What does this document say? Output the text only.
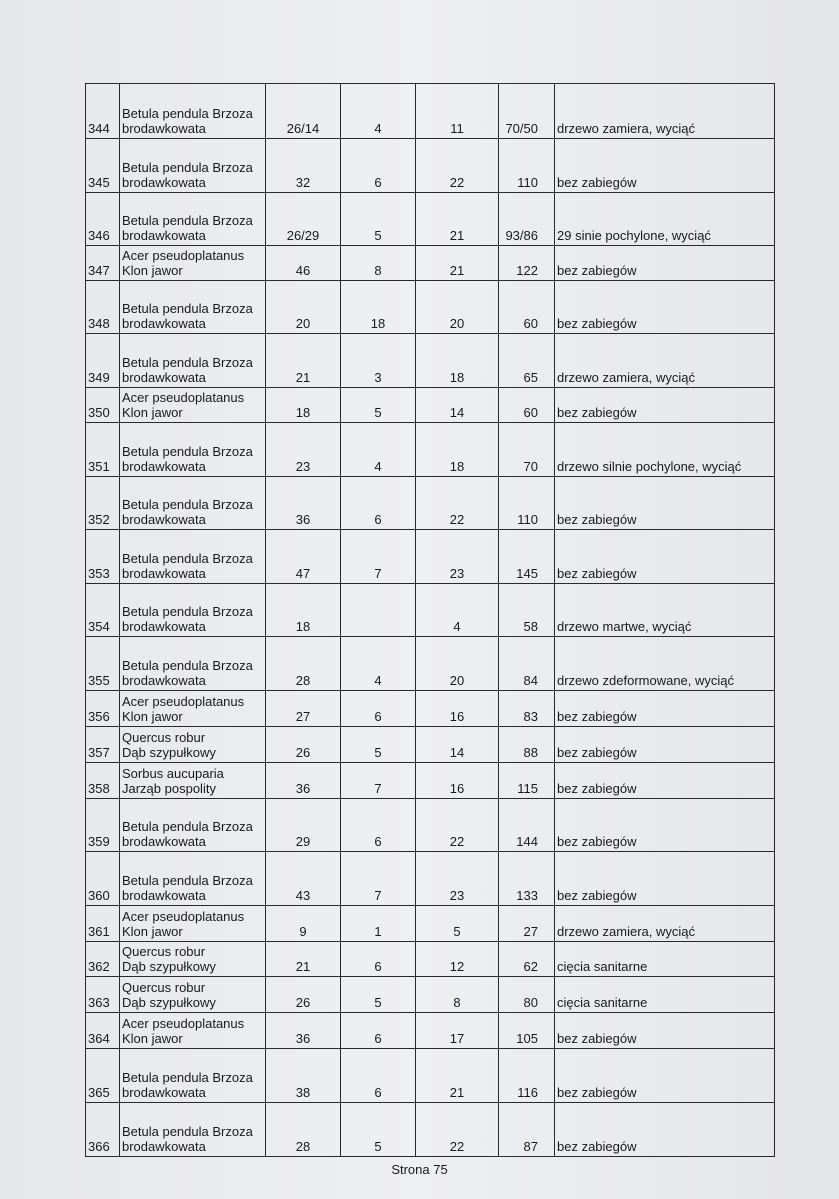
344	Betula pendula Brzoza
brodawkowata	26/14	4	11	70/50	drzewo zamiera, wyciąć
345	Betula pendula Brzoza
brodawkowata	32	6	22	110	bez zabiegów
346	Betula pendula Brzoza
brodawkowata	26/29	5	21	93/86	29 sinie pochylone, wyciąć
347	Acer pseudoplatanus
Klon jawor	46	8	21	122	bez zabiegów
348	Betula pendula Brzoza
brodawkowata	20	18	20	60	bez zabiegów
349	Betula pendula Brzoza
brodawkowata	21	3	18	65	drzewo zamiera, wyciąć
350	Acer pseudoplatanus
Klon jawor	18	5	14	60	bez zabiegów
351	Betula pendula Brzoza
brodawkowata	23	4	18	70	drzewo silnie pochylone, wyciąć
352	Betula pendula Brzoza
brodawkowata	36	6	22	110	bez zabiegów
353	Betula pendula Brzoza
brodawkowata	47	7	23	145	bez zabiegów
354	Betula pendula Brzoza
brodawkowata	18		4	58	drzewo martwe, wyciąć
355	Betula pendula Brzoza
brodawkowata	28	4	20	84	drzewo zdeformowane, wyciąć
356	Acer pseudoplatanus
Klon jawor	27	6	16	83	bez zabiegów
357	Quercus robur
Dąb szypułkowy	26	5	14	88	bez zabiegów
358	Sorbus aucuparia
Jarząb pospolity	36	7	16	115	bez zabiegów
359	Betula pendula Brzoza
brodawkowata	29	6	22	144	bez zabiegów
360	Betula pendula Brzoza
brodawkowata	43	7	23	133	bez zabiegów
361	Acer pseudoplatanus
Klon jawor	9	1	5	27	drzewo zamiera, wyciąć
362	Quercus robur
Dąb szypułkowy	21	6	12	62	cięcia sanitarne
363	Quercus robur
Dąb szypułkowy	26	5	8	80	cięcia sanitarne
364	Acer pseudoplatanus
Klon jawor	36	6	17	105	bez zabiegów
365	Betula pendula Brzoza
brodawkowata	38	6	21	116	bez zabiegów
366	Betula pendula Brzoza
brodawkowata	28	5	22	87	bez zabiegów
Strona 75
